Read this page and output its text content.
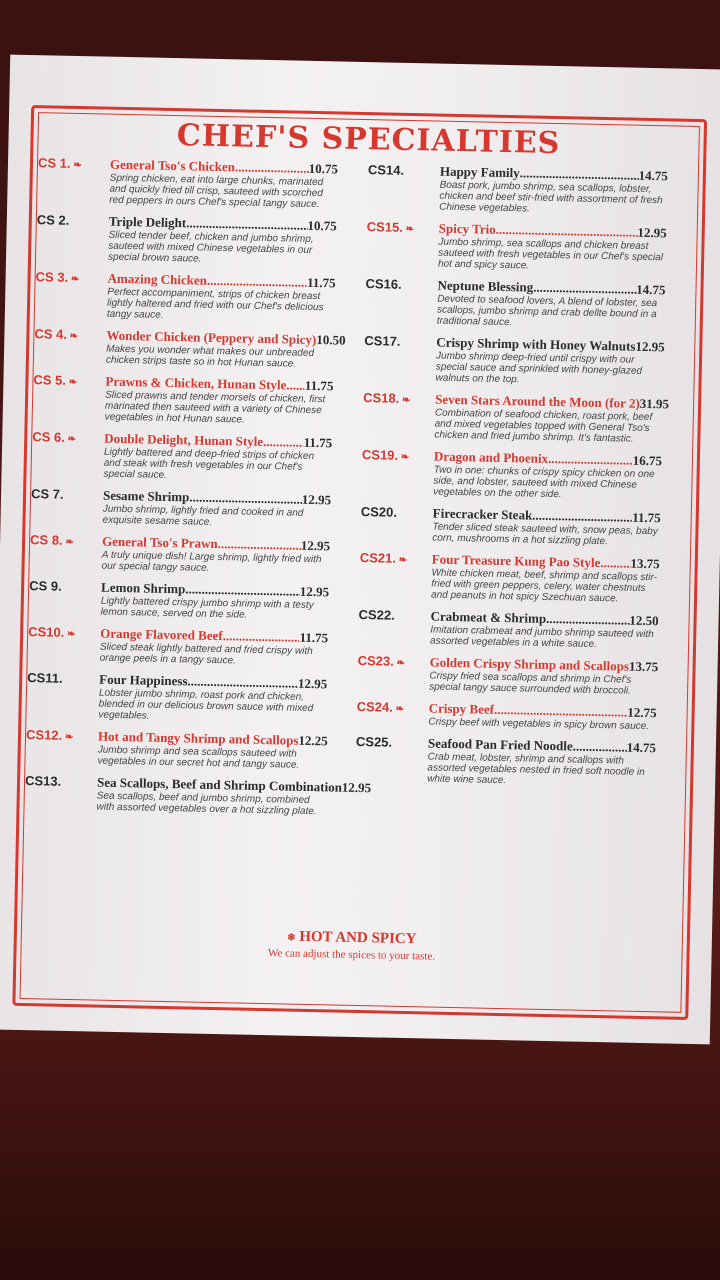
CHEF'S SPECIALTIES
CS 1. ❧	General Tso's Chicken .....	10.75
Spring chicken, eat into large chunks, marinated and quickly fried till crisp, sauteed with scorched red peppers in ours Chef's special tangy sauce.
CS 2.	Triple Delight .....	10.75
Sliced tender beef, chicken and jumbo shrimp, sauteed with mixed Chinese vegetables in our special brown sauce.
CS 3. ❧	Amazing Chicken .....	11.75
Perfect accompaniment, strips of chicken breast lightly haltered and fried with our Chef's delicious tangy sauce.
CS 4. ❧	Wonder Chicken (Peppery and Spicy) ..... 10.50
Makes you wonder what makes our unbreaded chicken strips taste so in hot Hunan sauce.
CS 5. ❧	Prawns & Chicken, Hunan Style ..... 11.75
Sliced prawns and tender morsels of chicken, first marinated then sauteed with a variety of Chinese vegetables in hot Hunan sauce.
CS 6. ❧	Double Delight, Hunan Style .....	11.75
Lightly battered and deep-fried strips of chicken and steak with fresh vegetables in our Chef's special sauce.
CS 7.	Sesame Shrimp .....	12.95
Jumbo shrimp, lightly fried and cooked in and exquisite sesame sauce.
CS 8. ❧	General Tso's Prawn .....	12.95
A truly unique dish! Large shrimp, lightly fried with our special tangy sauce.
CS 9.	Lemon Shrimp .....	12.95
Lightly battered crispy jumbo shrimp with a testy lemon sauce, served on the side.
CS10. ❧	Orange Flavored Beef .....	11.75
Sliced steak lightly battered and fried crispy with orange peels in a tangy sauce.
CS11.	Four Happiness .....	12.95
Lobster jumbo shrimp, roast pork and chicken, blended in our delicious brown sauce with mixed vegetables.
CS12. ❧	Hot and Tangy Shrimp and Scallops ..... 12.25
Jumbo shrimp and sea scallops sauteed with vegetables in our secret hot and tangy sauce.
CS13.	Sea Scallops, Beef and Shrimp Combination ..... 12.95
Sea scallops, beef and jumbo shrimp, combined with assorted vegetables over a hot sizzling plate.
CS14.	Happy Family .....	14.75
Boast pork, jumbo shrimp, sea scallops, lobster, chicken and beef stir-fried with assortment of fresh Chinese vegetables.
CS15. ❧	Spicy Trio .....	12.95
Jumbo shrimp, sea scallops and chicken breast sauteed with fresh vegetables in our Chef's special hot and spicy sauce.
CS16.	Neptune Blessing .....	14.75
Devoted to seafood lovers, A blend of lobster, sea scallops, jumbo shrimp and crab dellte bound in a traditional sauce.
CS17.	Crispy Shrimp with Honey Walnuts ..... 12.95
Jumbo shrimp deep-fried until crispy with our special sauce and sprinkled with honey-glazed walnuts on the top.
CS18. ❧	Seven Stars Around the Moon (for 2) ..... 31.95
Combination of seafood chicken, roast pork, beef and mixed vegetables topped with General Tso's chicken and fried jumbo shrimp. It's fantastic.
CS19. ❧	Dragon and Phoenix .....	16.75
Two in one: chunks of crispy spicy chicken on one side, and lobster, sauteed with mixed Chinese vegetables on the other side.
CS20.	Firecracker Steak .....	11.75
Tender sliced steak sauteed with, snow peas, baby corn, mushrooms in a hot sizzling plate.
CS21. ❧	Four Treasure Kung Pao Style ..... 13.75
White chicken meat, beef, shrimp and scallops stir-fried with green peppers, celery, water chestnuts and peanuts in hot spicy Szechuan sauce.
CS22.	Crabmeat & Shrimp .....	12.50
Imitation crabmeat and jumbo shrimp sauteed with assorted vegetables in a white sauce.
CS23. ❧	Golden Crispy Shrimp and Scallops ..... 13.75
Crispy fried sea scallops and shrimp in Chef's special tangy sauce surrounded with broccoli.
CS24. ❧	Crispy Beef .....	12.75
Crispy beef with vegetables in spicy brown sauce.
CS25.	Seafood Pan Fried Noodle .....	14.75
Crab meat, lobster, shrimp and scallops with assorted vegetables nested in fried soft noodle in white wine sauce.
❄ HOT AND SPICY
We can adjust the spices to your taste.
